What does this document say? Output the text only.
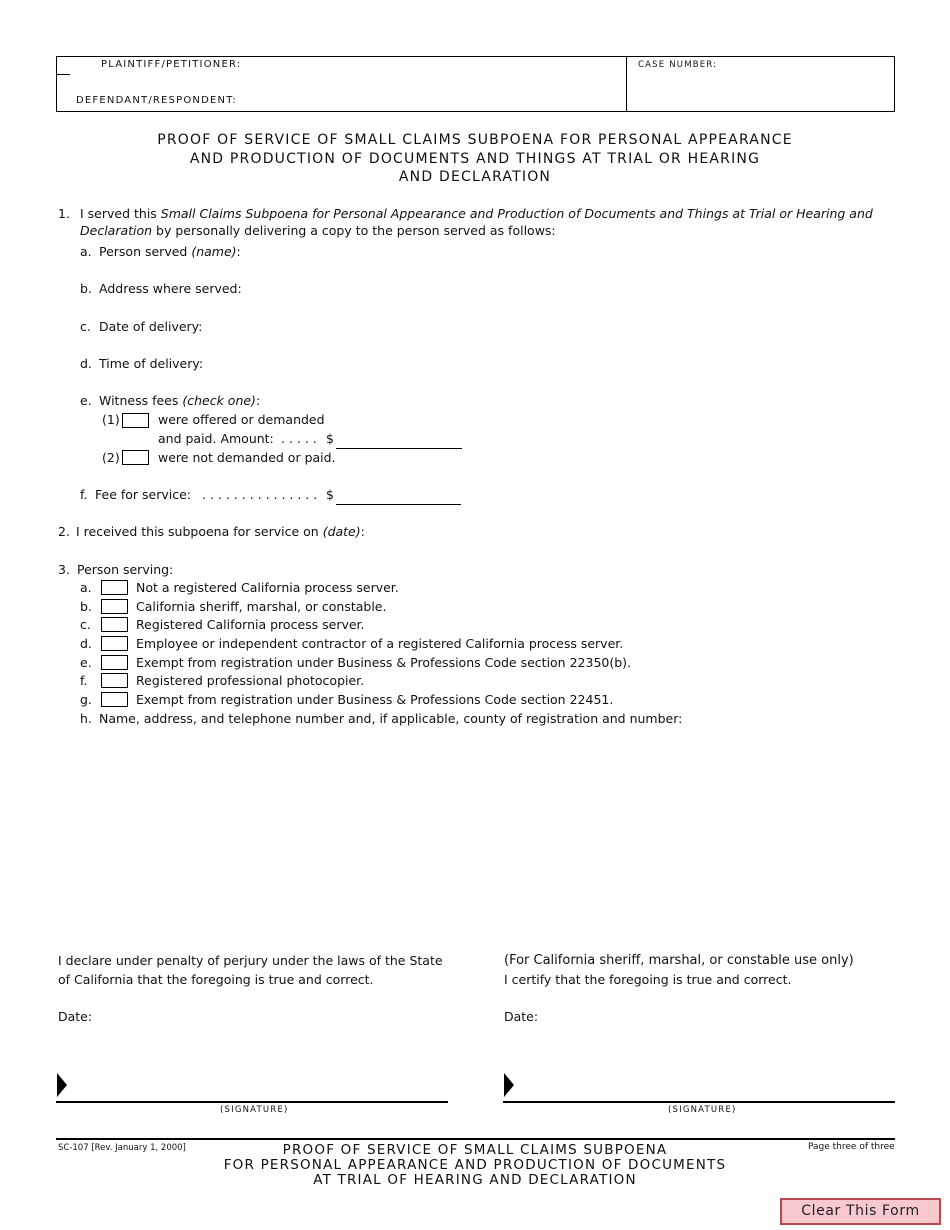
PLAINTIFF/PETITIONER:
DEFENDANT/RESPONDENT:
CASE NUMBER:
PROOF OF SERVICE OF SMALL CLAIMS SUBPOENA FOR PERSONAL APPEARANCE
AND PRODUCTION OF DOCUMENTS AND THINGS AT TRIAL OR HEARING
AND DECLARATION
1. I served this Small Claims Subpoena for Personal Appearance and Production of Documents and Things at Trial or Hearing and
Declaration by personally delivering a copy to the person served as follows:
a. Person served (name):
b. Address where served:
c. Date of delivery:
d. Time of delivery:
e. Witness fees (check one):
(1)	were offered or demanded
and paid. Amount: . . . . . $
(2)	were not demanded or paid.
f. Fee for service: . . . . . . . . . . . . . . . $
2. I received this subpoena for service on (date):
3. Person serving:
a.	Not a registered California process server.
b.	California sheriff, marshal, or constable.
c.	Registered California process server.
d.	Employee or independent contractor of a registered California process server.
e.	Exempt from registration under Business & Professions Code section 22350(b).
f.	Registered professional photocopier.
g.	Exempt from registration under Business & Professions Code section 22451.
h. Name, address, and telephone number and, if applicable, county of registration and number:
I declare under penalty of perjury under the laws of the State
of California that the foregoing is true and correct.
Date:
(For California sheriff, marshal, or constable use only)
I certify that the foregoing is true and correct.
Date:
(SIGNATURE)	(SIGNATURE)
SC-107 [Rev. January 1, 2000]	PROOF OF SERVICE OF SMALL CLAIMS SUBPOENA
FOR PERSONAL APPEARANCE AND PRODUCTION OF DOCUMENTS
AT TRIAL OF HEARING AND DECLARATION
Page three of three
Clear This Form
